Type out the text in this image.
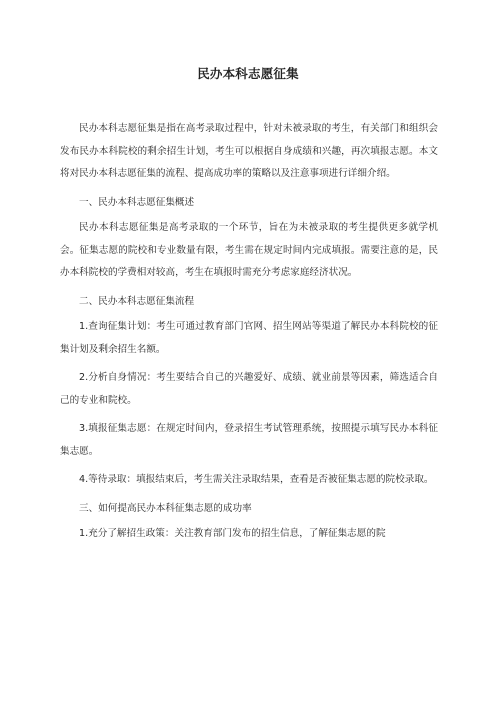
民办本科志愿征集

民办本科志愿征集是指在高考录取过程中，针对未被录取的考生，有关部门和组织会发布民办本科院校的剩余招生计划，考生可以根据自身成绩和兴趣，再次填报志愿。本文将对民办本科志愿征集的流程、提高成功率的策略以及注意事项进行详细介绍。

一、民办本科志愿征集概述

民办本科志愿征集是高考录取的一个环节，旨在为未被录取的考生提供更多就学机会。征集志愿的院校和专业数量有限，考生需在规定时间内完成填报。需要注意的是，民办本科院校的学费相对较高，考生在填报时需充分考虑家庭经济状况。

二、民办本科志愿征集流程

1.查询征集计划：考生可通过教育部门官网、招生网站等渠道了解民办本科院校的征集计划及剩余招生名额。

2.分析自身情况：考生要结合自己的兴趣爱好、成绩、就业前景等因素，筛选适合自己的专业和院校。

3.填报征集志愿：在规定时间内，登录招生考试管理系统，按照提示填写民办本科征集志愿。

4.等待录取：填报结束后，考生需关注录取结果，查看是否被征集志愿的院校录取。

三、如何提高民办本科征集志愿的成功率

1.充分了解招生政策：关注教育部门发布的招生信息，了解征集志愿的院
